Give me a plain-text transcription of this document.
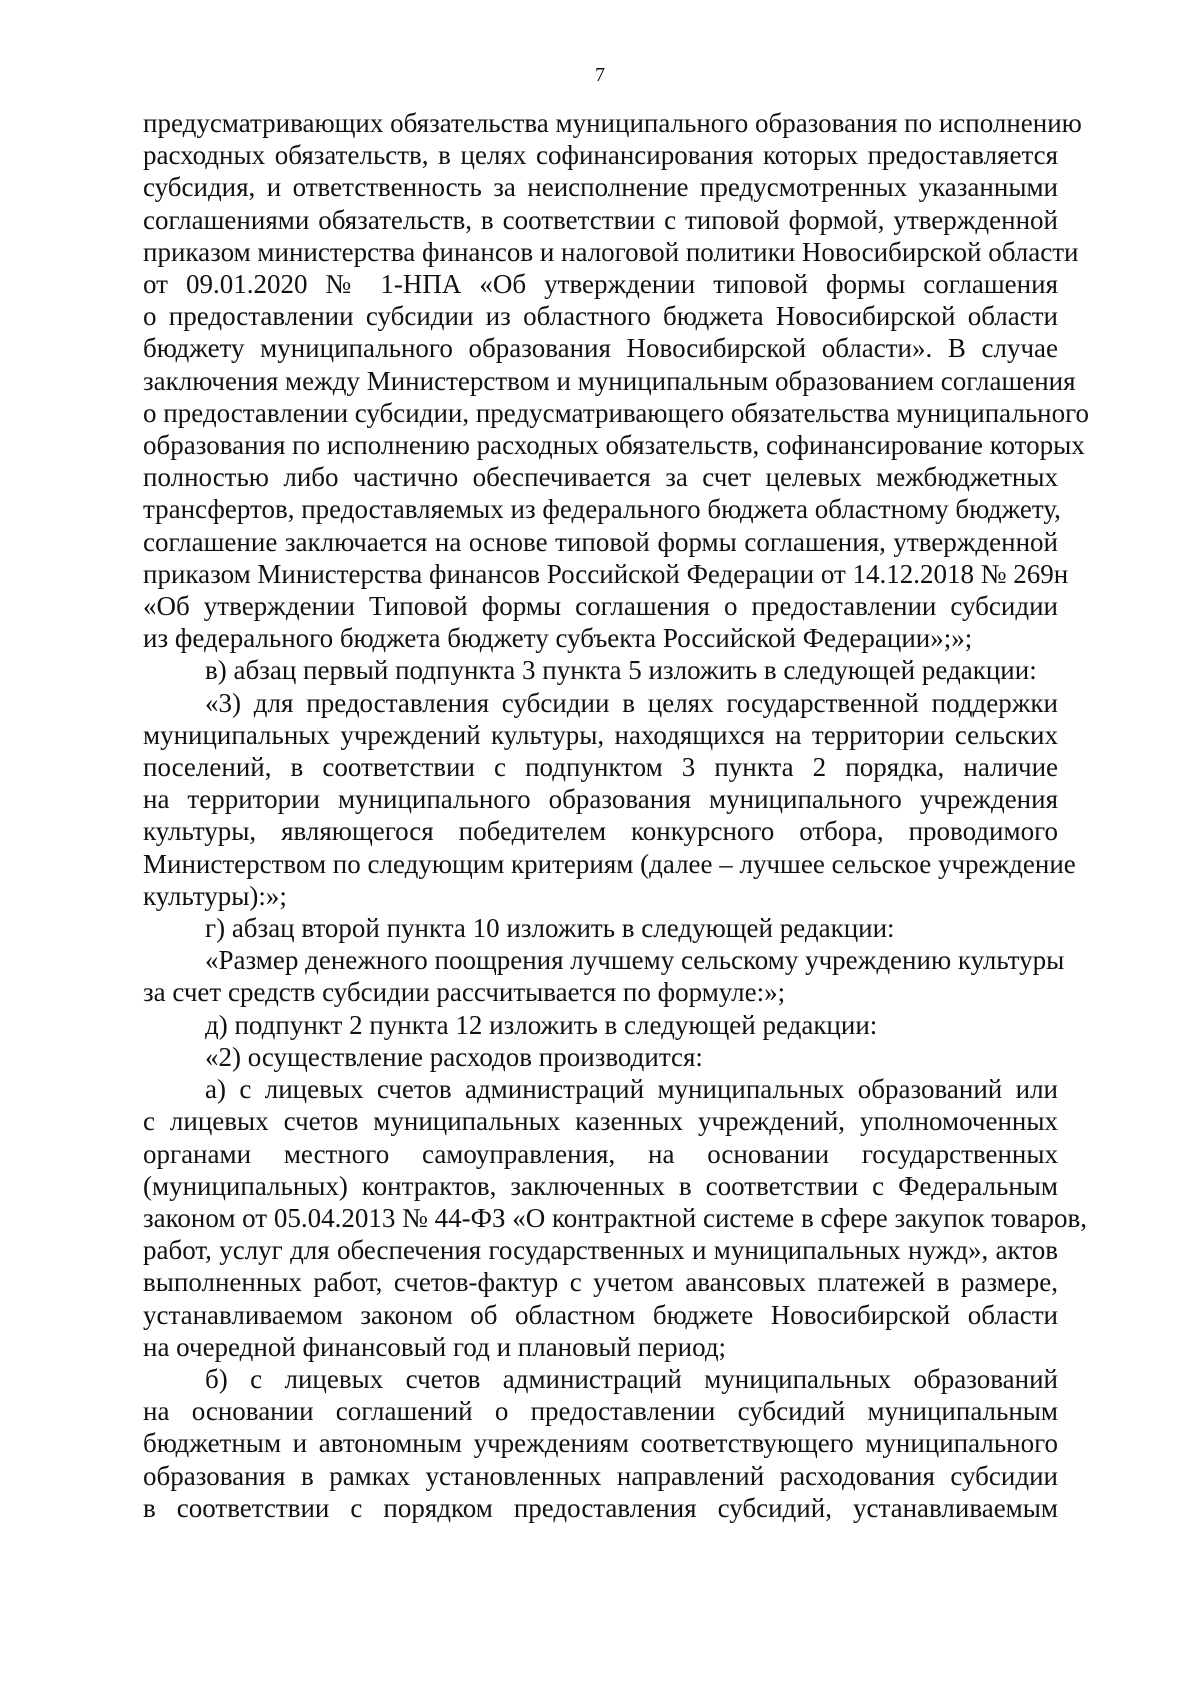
7
предусматривающих обязательства муниципального образования по исполнению
расходных обязательств, в целях софинансирования которых предоставляется
субсидия, и ответственность за неисполнение предусмотренных указанными
соглашениями обязательств, в соответствии с типовой формой, утвержденной
приказом министерства финансов и налоговой политики Новосибирской области
от 09.01.2020 № 1-НПА «Об утверждении типовой формы соглашения
о предоставлении субсидии из областного бюджета Новосибирской области
бюджету муниципального образования Новосибирской области». В случае
заключения между Министерством и муниципальным образованием соглашения
о предоставлении субсидии, предусматривающего обязательства муниципального
образования по исполнению расходных обязательств, софинансирование которых
полностью либо частично обеспечивается за счет целевых межбюджетных
трансфертов, предоставляемых из федерального бюджета областному бюджету,
соглашение заключается на основе типовой формы соглашения, утвержденной
приказом Министерства финансов Российской Федерации от 14.12.2018 № 269н
«Об утверждении Типовой формы соглашения о предоставлении субсидии
из федерального бюджета бюджету субъекта Российской Федерации»;»;
в) абзац первый подпункта 3 пункта 5 изложить в следующей редакции:
«3) для предоставления субсидии в целях государственной поддержки
муниципальных учреждений культуры, находящихся на территории сельских
поселений, в соответствии с подпунктом 3 пункта 2 порядка, наличие
на территории муниципального образования муниципального учреждения
культуры, являющегося победителем конкурсного отбора, проводимого
Министерством по следующим критериям (далее – лучшее сельское учреждение
культуры):»;
г) абзац второй пункта 10 изложить в следующей редакции:
«Размер денежного поощрения лучшему сельскому учреждению культуры
за счет средств субсидии рассчитывается по формуле:»;
д) подпункт 2 пункта 12 изложить в следующей редакции:
«2) осуществление расходов производится:
а) с лицевых счетов администраций муниципальных образований или
с лицевых счетов муниципальных казенных учреждений, уполномоченных
органами местного самоуправления, на основании государственных
(муниципальных) контрактов, заключенных в соответствии с Федеральным
законом от 05.04.2013 № 44-ФЗ «О контрактной системе в сфере закупок товаров,
работ, услуг для обеспечения государственных и муниципальных нужд», актов
выполненных работ, счетов-фактур с учетом авансовых платежей в размере,
устанавливаемом законом об областном бюджете Новосибирской области
на очередной финансовый год и плановый период;
б) с лицевых счетов администраций муниципальных образований
на основании соглашений о предоставлении субсидий муниципальным
бюджетным и автономным учреждениям соответствующего муниципального
образования в рамках установленных направлений расходования субсидии
в соответствии с порядком предоставления субсидий, устанавливаемым
